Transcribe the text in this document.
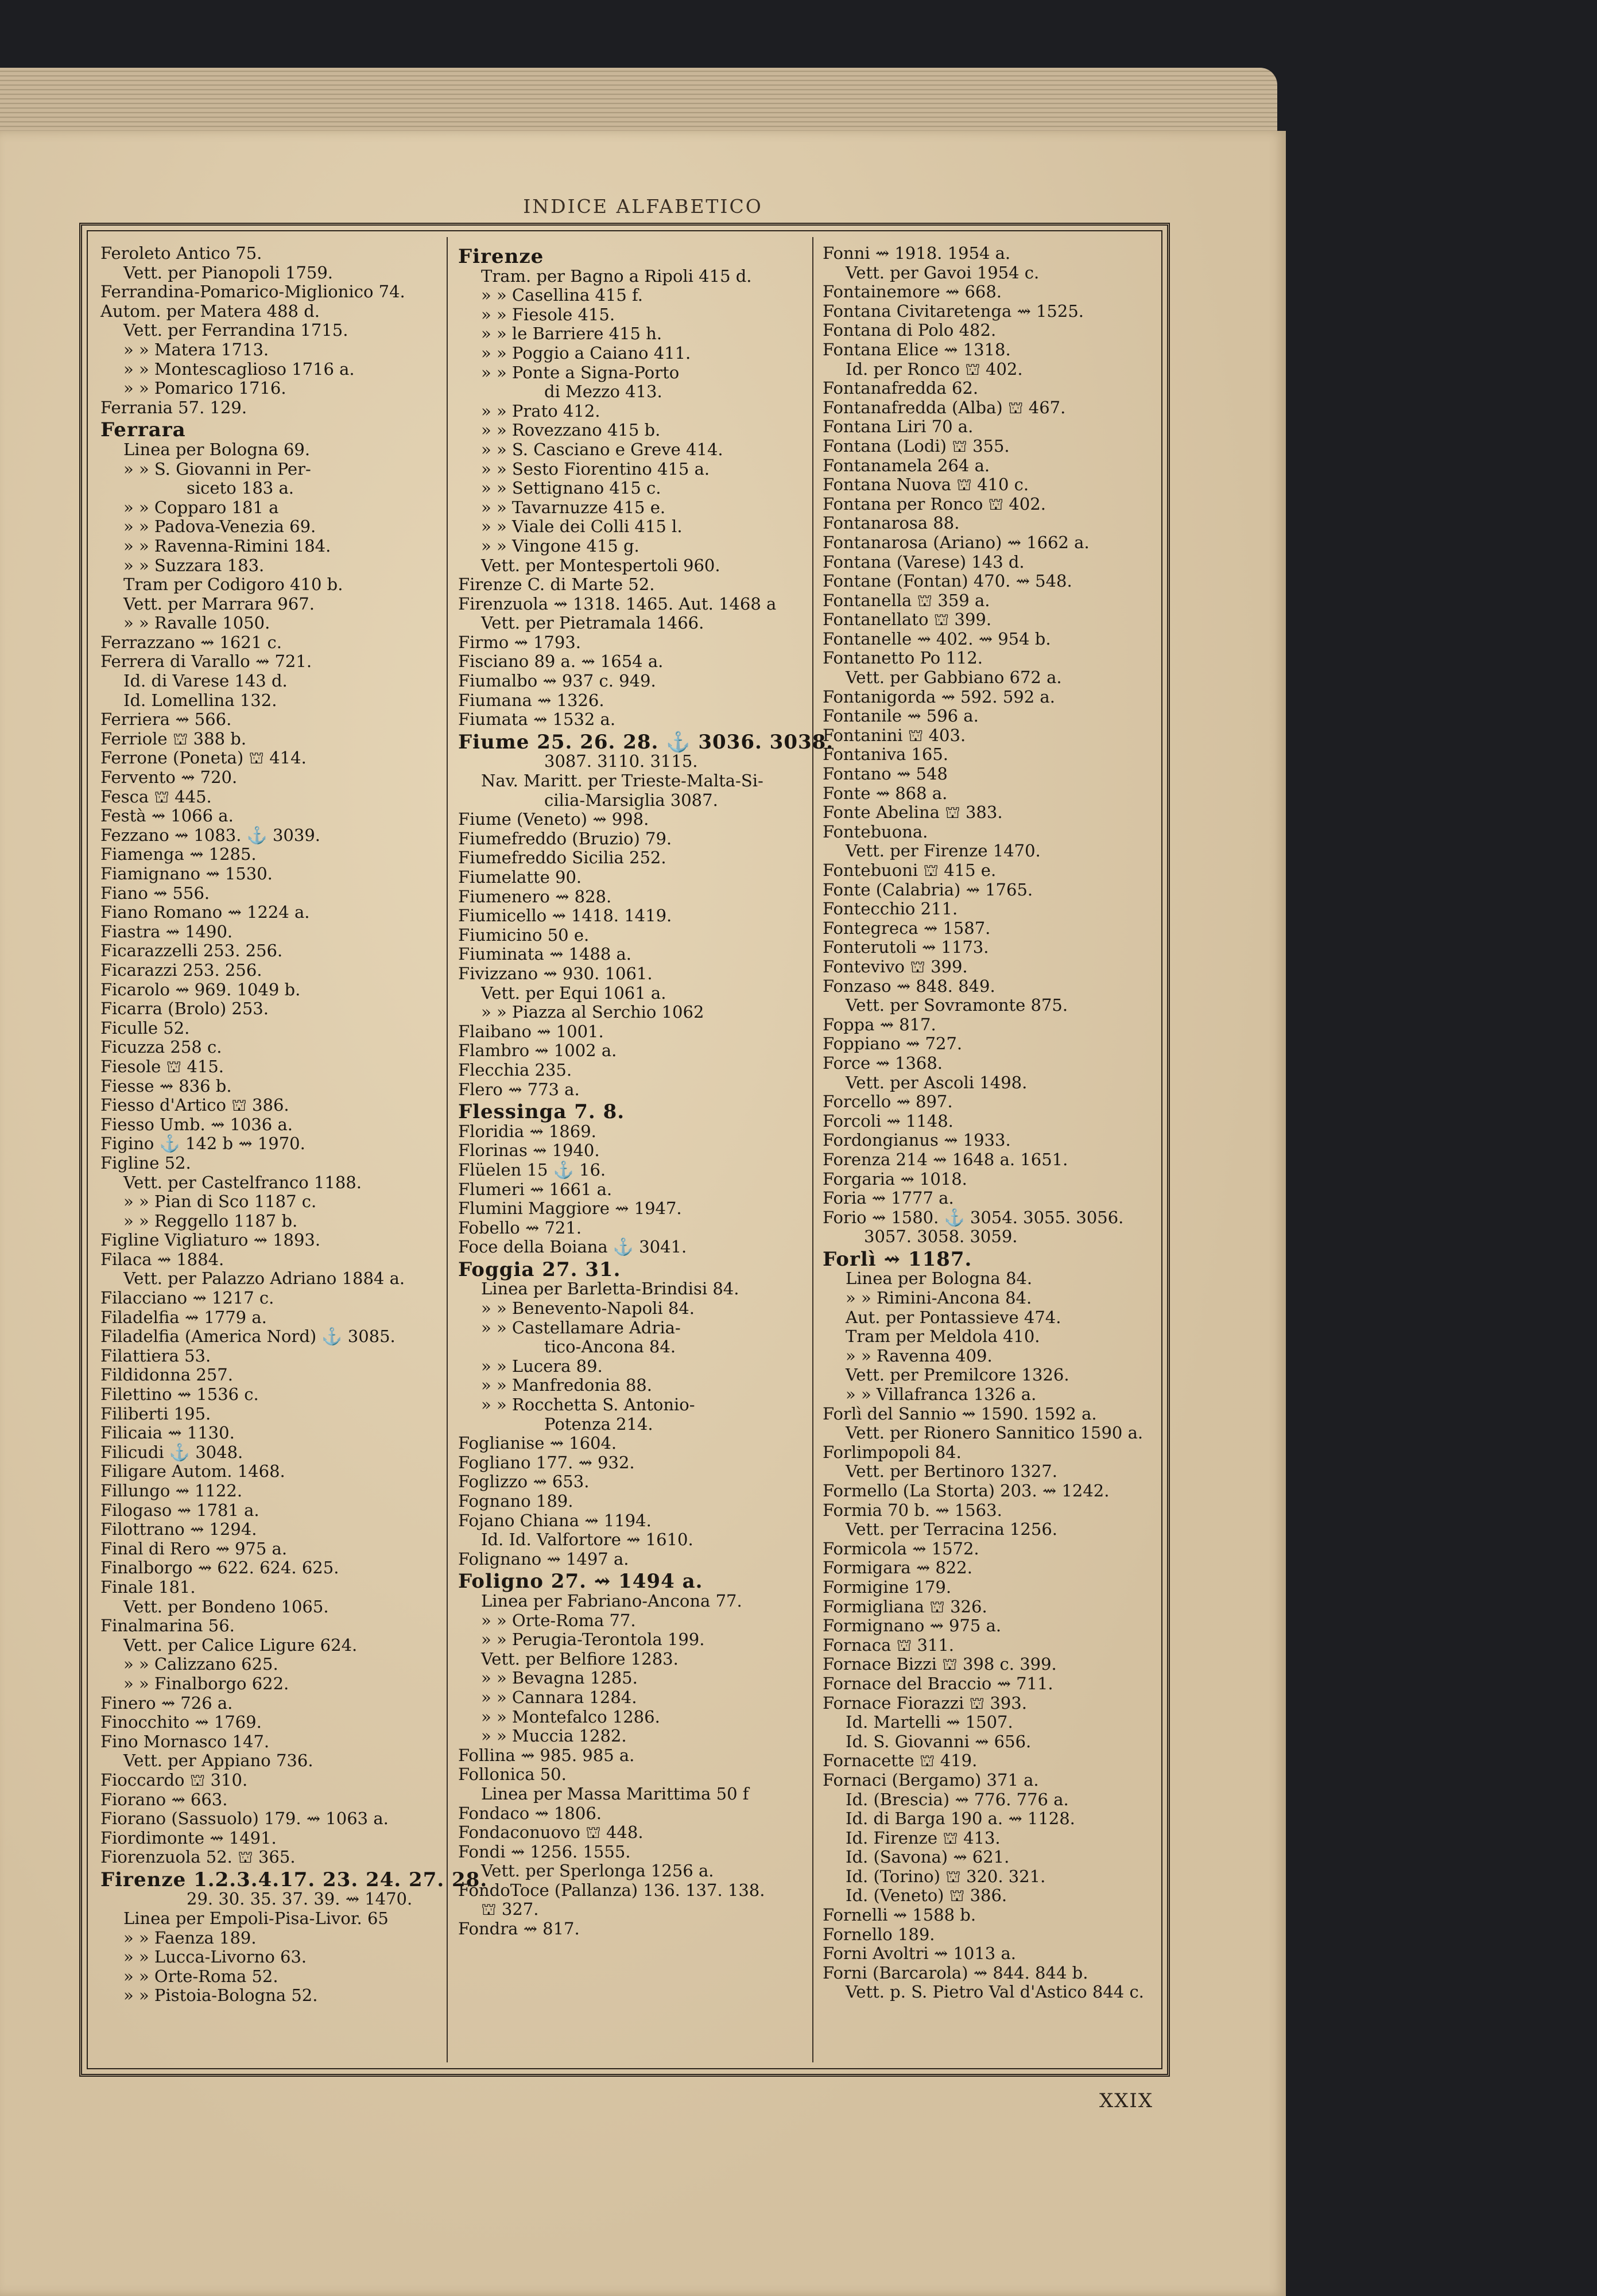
INDICE ALFABETICO
Feroleto Antico 75.
Vett. per Pianopoli 1759.
Ferrandina-Pomarico-Miglionico 74.
Autom. per Matera 488 d.
Vett. per Ferrandina 1715.
» » Matera 1713.
» » Montescaglioso 1716 a.
» » Pomarico 1716.
Ferrania 57. 129.
Ferrara
Linea per Bologna 69.
» » S. Giovanni in Per-
siceto 183 a.
» » Copparo 181 a
» » Padova-Venezia 69.
» » Ravenna-Rimini 184.
» » Suzzara 183.
Tram per Codigoro 410 b.
Vett. per Marrara 967.
» » Ravalle 1050.
Ferrazzano ⇝ 1621 c.
Ferrera di Varallo ⇝ 721.
Id. di Varese 143 d.
Id. Lomellina 132.
Ferriera ⇝ 566.
Ferriole ⛫ 388 b.
Ferrone (Poneta) ⛫ 414.
Fervento ⇝ 720.
Fesca ⛫ 445.
Festà ⇝ 1066 a.
Fezzano ⇝ 1083. ⚓ 3039.
Fiamenga ⇝ 1285.
Fiamignano ⇝ 1530.
Fiano ⇝ 556.
Fiano Romano ⇝ 1224 a.
Fiastra ⇝ 1490.
Ficarazzelli 253. 256.
Ficarazzi 253. 256.
Ficarolo ⇝ 969. 1049 b.
Ficarra (Brolo) 253.
Ficulle 52.
Ficuzza 258 c.
Fiesole ⛫ 415.
Fiesse ⇝ 836 b.
Fiesso d'Artico ⛫ 386.
Fiesso Umb. ⇝ 1036 a.
Figino ⚓ 142 b ⇝ 1970.
Figline 52.
Vett. per Castelfranco 1188.
» » Pian di Sco 1187 c.
» » Reggello 1187 b.
Figline Vigliaturo ⇝ 1893.
Filaca ⇝ 1884.
Vett. per Palazzo Adriano 1884 a.
Filacciano ⇝ 1217 c.
Filadelfia ⇝ 1779 a.
Filadelfia (America Nord) ⚓ 3085.
Filattiera 53.
Fildidonna 257.
Filettino ⇝ 1536 c.
Filiberti 195.
Filicaia ⇝ 1130.
Filicudi ⚓ 3048.
Filigare Autom. 1468.
Fillungo ⇝ 1122.
Filogaso ⇝ 1781 a.
Filottrano ⇝ 1294.
Final di Rero ⇝ 975 a.
Finalborgo ⇝ 622. 624. 625.
Finale 181.
Vett. per Bondeno 1065.
Finalmarina 56.
Vett. per Calice Ligure 624.
» » Calizzano 625.
» » Finalborgo 622.
Finero ⇝ 726 a.
Finocchito ⇝ 1769.
Fino Mornasco 147.
Vett. per Appiano 736.
Fioccardo ⛫ 310.
Fiorano ⇝ 663.
Fiorano (Sassuolo) 179. ⇝ 1063 a.
Fiordimonte ⇝ 1491.
Fiorenzuola 52. ⛫ 365.
Firenze 1.2.3.4.17. 23. 24. 27. 28.
29. 30. 35. 37. 39. ⇝ 1470.
Linea per Empoli-Pisa-Livor. 65
» » Faenza 189.
» » Lucca-Livorno 63.
» » Orte-Roma 52.
» » Pistoia-Bologna 52.
Firenze
Tram. per Bagno a Ripoli 415 d.
» » Casellina 415 f.
» » Fiesole 415.
» » le Barriere 415 h.
» » Poggio a Caiano 411.
» » Ponte a Signa-Porto
di Mezzo 413.
» » Prato 412.
» » Rovezzano 415 b.
» » S. Casciano e Greve 414.
» » Sesto Fiorentino 415 a.
» » Settignano 415 c.
» » Tavarnuzze 415 e.
» » Viale dei Colli 415 l.
» » Vingone 415 g.
Vett. per Montespertoli 960.
Firenze C. di Marte 52.
Firenzuola ⇝ 1318. 1465. Aut. 1468 a
Vett. per Pietramala 1466.
Firmo ⇝ 1793.
Fisciano 89 a. ⇝ 1654 a.
Fiumalbo ⇝ 937 c. 949.
Fiumana ⇝ 1326.
Fiumata ⇝ 1532 a.
Fiume 25. 26. 28. ⚓ 3036. 3038.
3087. 3110. 3115.
Nav. Maritt. per Trieste-Malta-Si-
cilia-Marsiglia 3087.
Fiume (Veneto) ⇝ 998.
Fiumefreddo (Bruzio) 79.
Fiumefreddo Sicilia 252.
Fiumelatte 90.
Fiumenero ⇝ 828.
Fiumicello ⇝ 1418. 1419.
Fiumicino 50 e.
Fiuminata ⇝ 1488 a.
Fivizzano ⇝ 930. 1061.
Vett. per Equi 1061 a.
» » Piazza al Serchio 1062
Flaibano ⇝ 1001.
Flambro ⇝ 1002 a.
Flecchia 235.
Flero ⇝ 773 a.
Flessinga 7. 8.
Floridia ⇝ 1869.
Florinas ⇝ 1940.
Flüelen 15 ⚓ 16.
Flumeri ⇝ 1661 a.
Flumini Maggiore ⇝ 1947.
Fobello ⇝ 721.
Foce della Boiana ⚓ 3041.
Foggia 27. 31.
Linea per Barletta-Brindisi 84.
» » Benevento-Napoli 84.
» » Castellamare Adria-
tico-Ancona 84.
» » Lucera 89.
» » Manfredonia 88.
» » Rocchetta S. Antonio-
Potenza 214.
Foglianise ⇝ 1604.
Fogliano 177. ⇝ 932.
Foglizzo ⇝ 653.
Fognano 189.
Fojano Chiana ⇝ 1194.
Id. Id. Valfortore ⇝ 1610.
Folignano ⇝ 1497 a.
Foligno 27. ⇝ 1494 a.
Linea per Fabriano-Ancona 77.
» » Orte-Roma 77.
» » Perugia-Terontola 199.
Vett. per Belfiore 1283.
» » Bevagna 1285.
» » Cannara 1284.
» » Montefalco 1286.
» » Muccia 1282.
Follina ⇝ 985. 985 a.
Follonica 50.
Linea per Massa Marittima 50 f
Fondaco ⇝ 1806.
Fondaconuovo ⛫ 448.
Fondi ⇝ 1256. 1555.
Vett. per Sperlonga 1256 a.
FondoToce (Pallanza) 136. 137. 138.
⛫ 327.
Fondra ⇝ 817.
Fonni ⇝ 1918. 1954 a.
Vett. per Gavoi 1954 c.
Fontainemore ⇝ 668.
Fontana Civitaretenga ⇝ 1525.
Fontana di Polo 482.
Fontana Elice ⇝ 1318.
Id. per Ronco ⛫ 402.
Fontanafredda 62.
Fontanafredda (Alba) ⛫ 467.
Fontana Liri 70 a.
Fontana (Lodi) ⛫ 355.
Fontanamela 264 a.
Fontana Nuova ⛫ 410 c.
Fontana per Ronco ⛫ 402.
Fontanarosa 88.
Fontanarosa (Ariano) ⇝ 1662 a.
Fontana (Varese) 143 d.
Fontane (Fontan) 470. ⇝ 548.
Fontanella ⛫ 359 a.
Fontanellato ⛫ 399.
Fontanelle ⇝ 402. ⇝ 954 b.
Fontanetto Po 112.
Vett. per Gabbiano 672 a.
Fontanigorda ⇝ 592. 592 a.
Fontanile ⇝ 596 a.
Fontanini ⛫ 403.
Fontaniva 165.
Fontano ⇝ 548
Fonte ⇝ 868 a.
Fonte Abelina ⛫ 383.
Fontebuona.
Vett. per Firenze 1470.
Fontebuoni ⛫ 415 e.
Fonte (Calabria) ⇝ 1765.
Fontecchio 211.
Fontegreca ⇝ 1587.
Fonterutoli ⇝ 1173.
Fontevivo ⛫ 399.
Fonzaso ⇝ 848. 849.
Vett. per Sovramonte 875.
Foppa ⇝ 817.
Foppiano ⇝ 727.
Force ⇝ 1368.
Vett. per Ascoli 1498.
Forcello ⇝ 897.
Forcoli ⇝ 1148.
Fordongianus ⇝ 1933.
Forenza 214 ⇝ 1648 a. 1651.
Forgaria ⇝ 1018.
Foria ⇝ 1777 a.
Forio ⇝ 1580. ⚓ 3054. 3055. 3056.
3057. 3058. 3059.
Forlì ⇝ 1187.
Linea per Bologna 84.
» » Rimini-Ancona 84.
Aut. per Pontassieve 474.
Tram per Meldola 410.
» » Ravenna 409.
Vett. per Premilcore 1326.
» » Villafranca 1326 a.
Forlì del Sannio ⇝ 1590. 1592 a.
Vett. per Rionero Sannitico 1590 a.
Forlimpopoli 84.
Vett. per Bertinoro 1327.
Formello (La Storta) 203. ⇝ 1242.
Formia 70 b. ⇝ 1563.
Vett. per Terracina 1256.
Formicola ⇝ 1572.
Formigara ⇝ 822.
Formigine 179.
Formigliana ⛫ 326.
Formignano ⇝ 975 a.
Fornaca ⛫ 311.
Fornace Bizzi ⛫ 398 c. 399.
Fornace del Braccio ⇝ 711.
Fornace Fiorazzi ⛫ 393.
Id. Martelli ⇝ 1507.
Id. S. Giovanni ⇝ 656.
Fornacette ⛫ 419.
Fornaci (Bergamo) 371 a.
Id. (Brescia) ⇝ 776. 776 a.
Id. di Barga 190 a. ⇝ 1128.
Id. Firenze ⛫ 413.
Id. (Savona) ⇝ 621.
Id. (Torino) ⛫ 320. 321.
Id. (Veneto) ⛫ 386.
Fornelli ⇝ 1588 b.
Fornello 189.
Forni Avoltri ⇝ 1013 a.
Forni (Barcarola) ⇝ 844. 844 b.
Vett. p. S. Pietro Val d'Astico 844 c.
XXIX
